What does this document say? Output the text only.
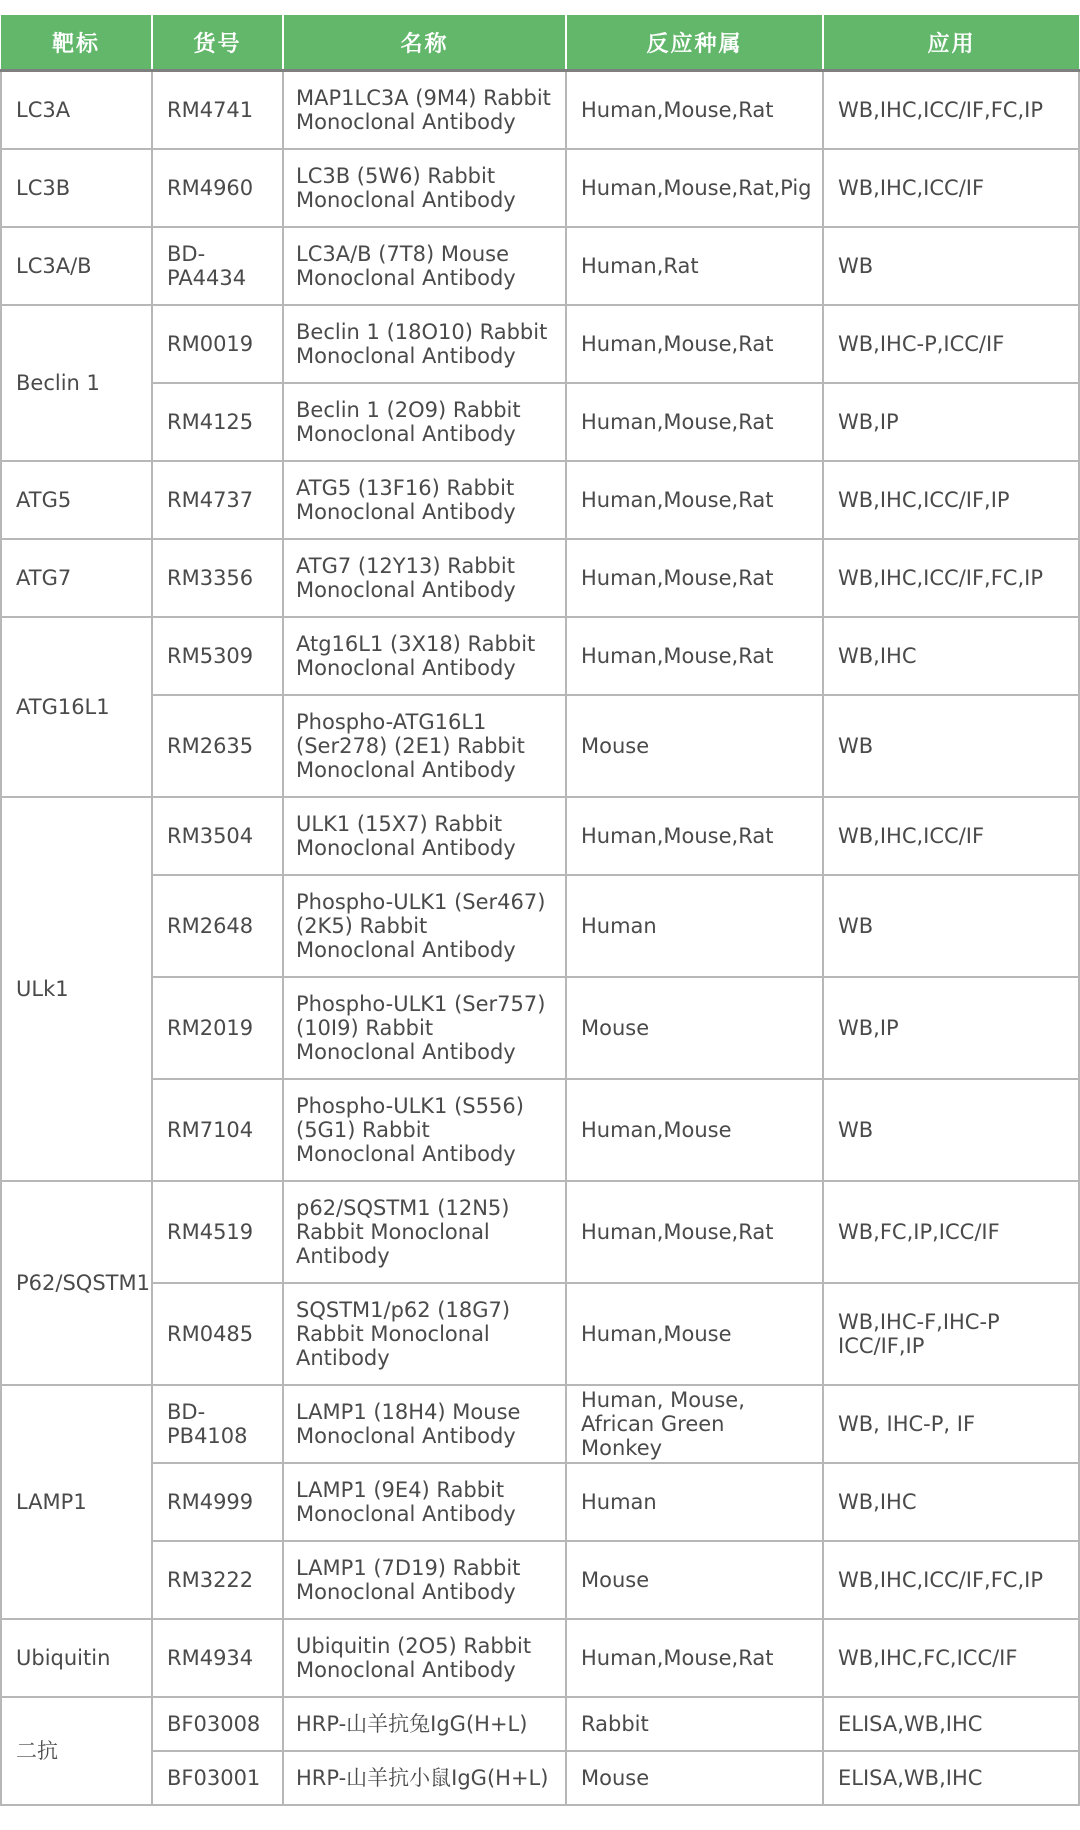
靶标	货号	名称	反应种属	应用
LC3A	RM4741	MAP1LC3A (9M4) Rabbit Monoclonal Antibody	Human,Mouse,Rat	WB,IHC,ICC/IF,FC,IP
LC3B	RM4960	LC3B (5W6) Rabbit Monoclonal Antibody	Human,Mouse,Rat,Pig	WB,IHC,ICC/IF
LC3A/B	BD-PA4434	LC3A/B (7T8) Mouse Monoclonal Antibody	Human,Rat	WB
Beclin 1	RM0019	Beclin 1 (18O10) Rabbit Monoclonal Antibody	Human,Mouse,Rat	WB,IHC-P,ICC/IF
	RM4125	Beclin 1 (2O9) Rabbit Monoclonal Antibody	Human,Mouse,Rat	WB,IP
ATG5	RM4737	ATG5 (13F16) Rabbit Monoclonal Antibody	Human,Mouse,Rat	WB,IHC,ICC/IF,IP
ATG7	RM3356	ATG7 (12Y13) Rabbit Monoclonal Antibody	Human,Mouse,Rat	WB,IHC,ICC/IF,FC,IP
ATG16L1	RM5309	Atg16L1 (3X18) Rabbit Monoclonal Antibody	Human,Mouse,Rat	WB,IHC
	RM2635	Phospho-ATG16L1 (Ser278) (2E1) Rabbit Monoclonal Antibody	Mouse	WB
ULk1	RM3504	ULK1 (15X7) Rabbit Monoclonal Antibody	Human,Mouse,Rat	WB,IHC,ICC/IF
	RM2648	Phospho-ULK1 (Ser467) (2K5) Rabbit Monoclonal Antibody	Human	WB
	RM2019	Phospho-ULK1 (Ser757) (10I9) Rabbit Monoclonal Antibody	Mouse	WB,IP
	RM7104	Phospho-ULK1 (S556) (5G1) Rabbit Monoclonal Antibody	Human,Mouse	WB
P62/SQSTM1	RM4519	p62/SQSTM1 (12N5) Rabbit Monoclonal Antibody	Human,Mouse,Rat	WB,FC,IP,ICC/IF
	RM0485	SQSTM1/p62 (18G7) Rabbit Monoclonal Antibody	Human,Mouse	WB,IHC-F,IHC-P ICC/IF,IP
LAMP1	BD-PB4108	LAMP1 (18H4) Mouse Monoclonal Antibody	Human, Mouse, African Green Monkey	WB, IHC-P, IF
	RM4999	LAMP1 (9E4) Rabbit Monoclonal Antibody	Human	WB,IHC
	RM3222	LAMP1 (7D19) Rabbit Monoclonal Antibody	Mouse	WB,IHC,ICC/IF,FC,IP
Ubiquitin	RM4934	Ubiquitin (2O5) Rabbit Monoclonal Antibody	Human,Mouse,Rat	WB,IHC,FC,ICC/IF
二抗	BF03008	HRP-山羊抗兔IgG(H+L)	Rabbit	ELISA,WB,IHC
	BF03001	HRP-山羊抗小鼠IgG(H+L)	Mouse	ELISA,WB,IHC
